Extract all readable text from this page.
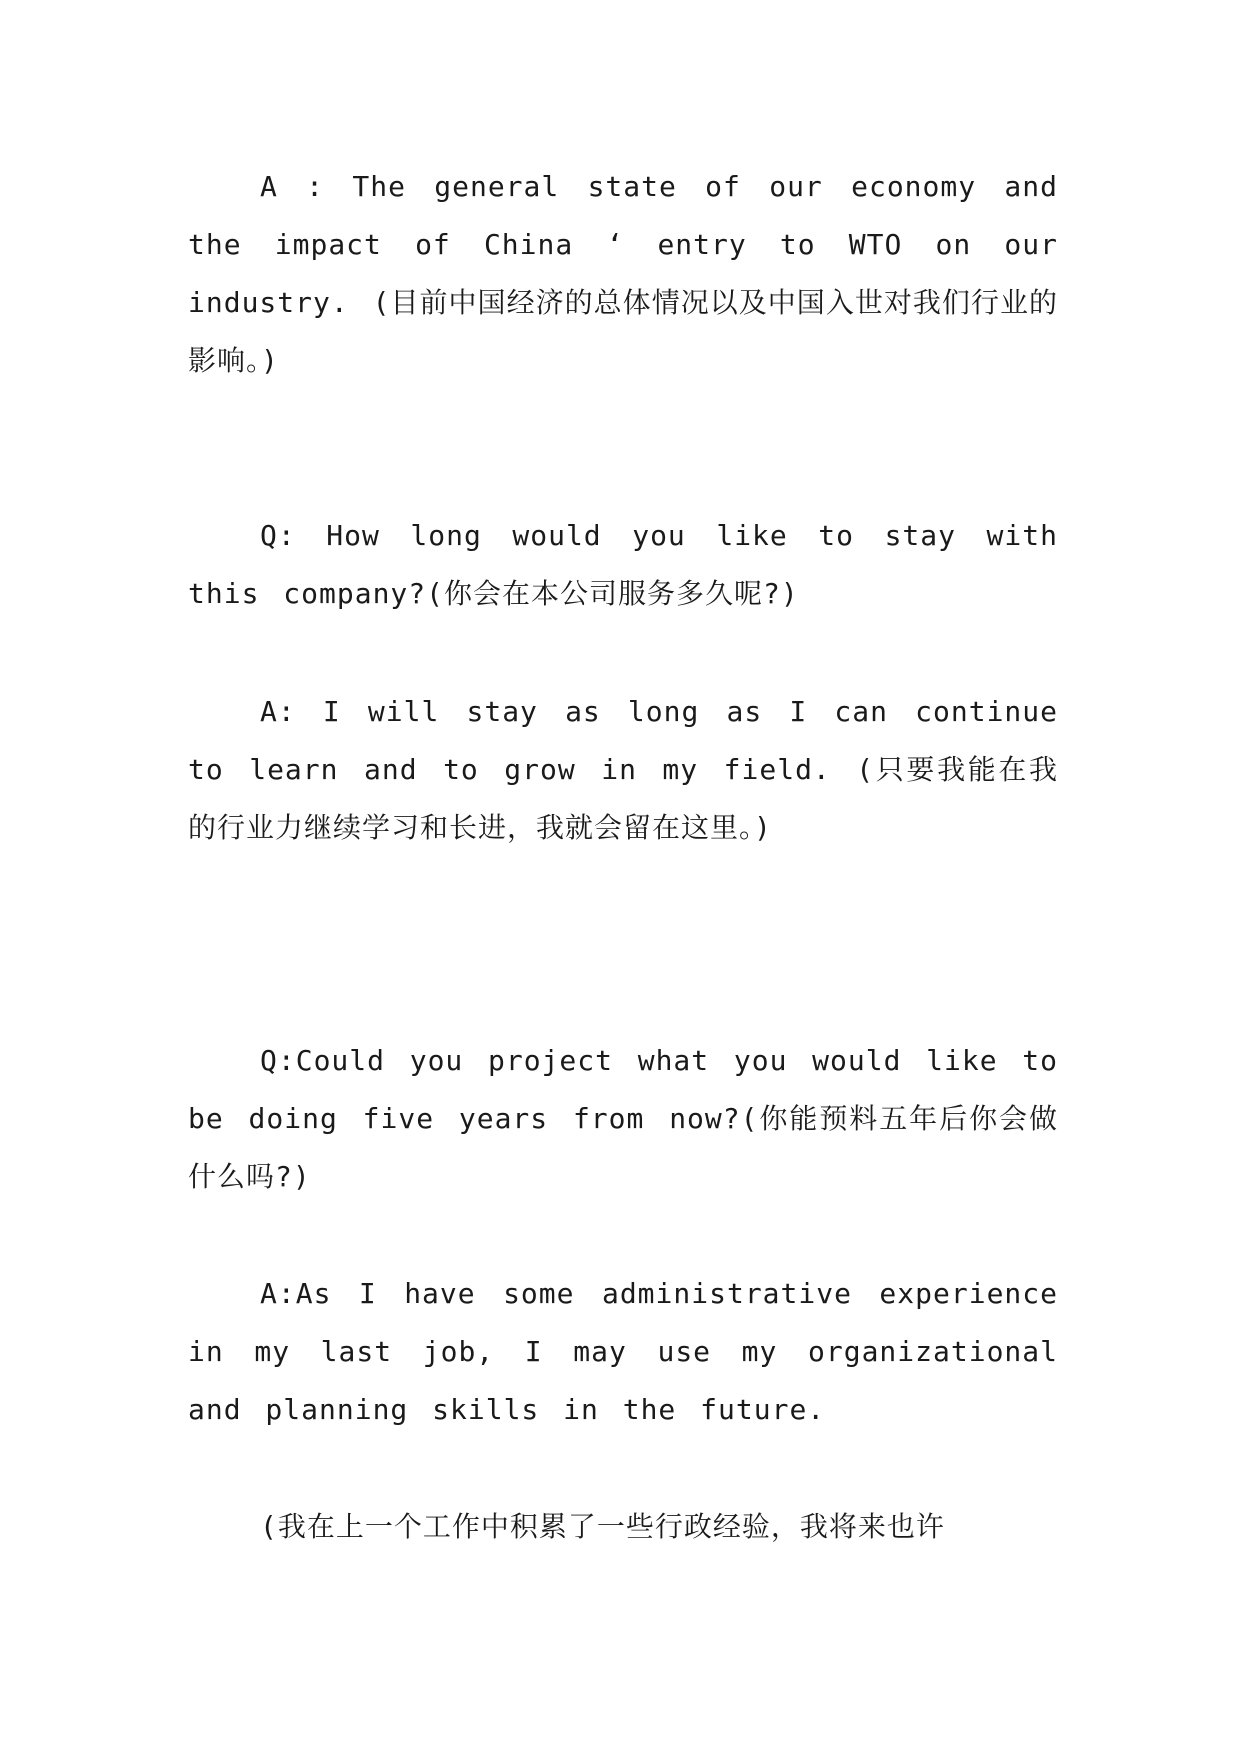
A : The general state of our economy and the impact of China ‘ entry to WTO on our industry. (目前中国经济的总体情况以及中国入世对我们行业的影响。)

Q: How long would you like to stay with this company?(你会在本公司服务多久呢?)

A: I will stay as long as I can continue to learn and to grow in my field. (只要我能在我的行业力继续学习和长进，我就会留在这里。)

Q:Could you project what you would like to be doing five years from now?(你能预料五年后你会做什么吗?)

A:As I have some administrative experience in my last job, I may use my organizational and planning skills in the future.

(我在上一个工作中积累了一些行政经验，我将来也许
